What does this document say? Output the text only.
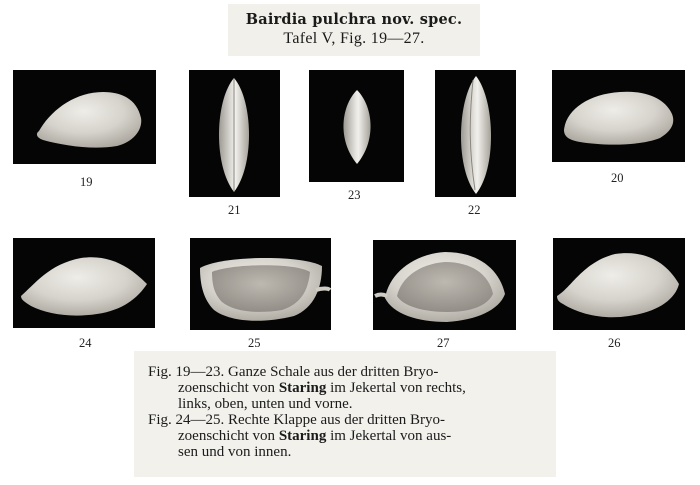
Bairdia pulchra nov. spec.
Tafel V, Fig. 19—27.
19
21
23
22
20
24	25	27	26
Fig. 19—23. Ganze Schale aus der dritten Bryo-
zoenschicht von Staring im Jekertal von rechts,
links, oben, unten und vorne.
Fig. 24—25. Rechte Klappe aus der dritten Bryo-
zoenschicht von Staring im Jekertal von aus-
sen und von innen.
